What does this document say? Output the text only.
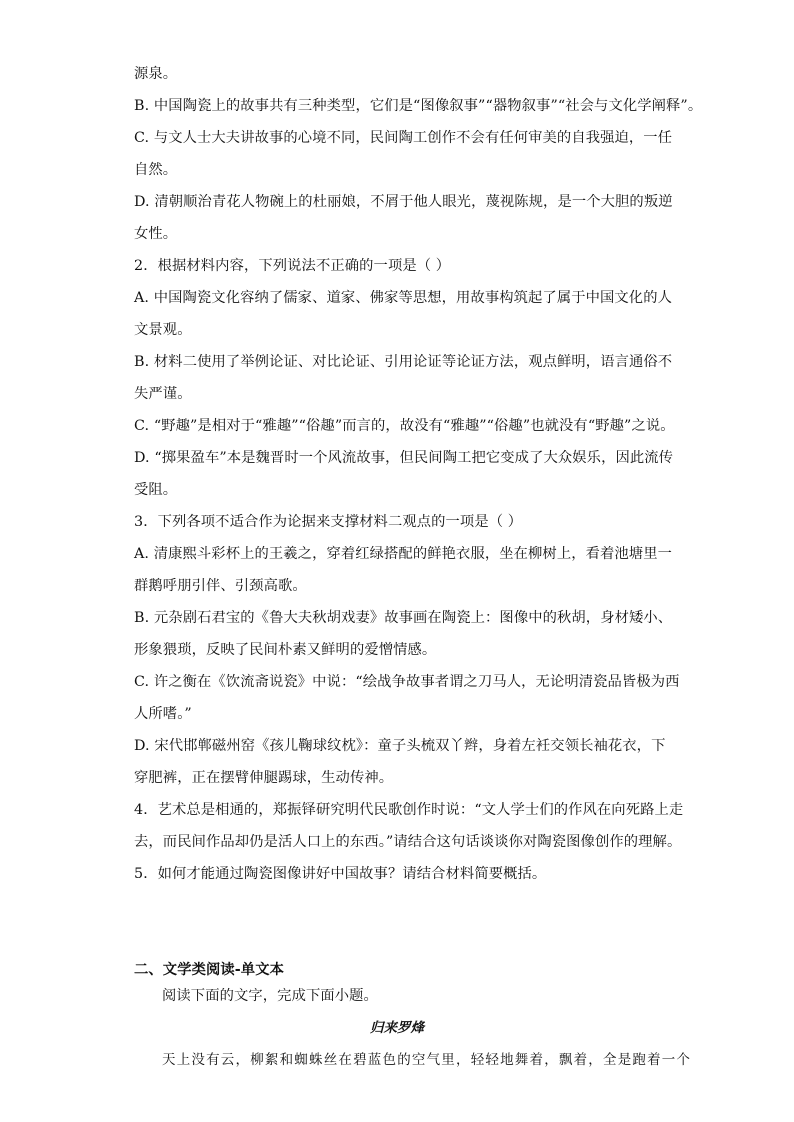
源泉。
B. 中国陶瓷上的故事共有三种类型，它们是“图像叙事”“器物叙事”“社会与文化学阐释”。
C. 与文人士大夫讲故事的心境不同，民间陶工创作不会有任何审美的自我强迫，一任
自然。
D. 清朝顺治青花人物碗上的杜丽娘，不屑于他人眼光，蔑视陈规，是一个大胆的叛逆
女性。
2．根据材料内容，下列说法不正确的一项是（ ）
A. 中国陶瓷文化容纳了儒家、道家、佛家等思想，用故事构筑起了属于中国文化的人
文景观。
B. 材料二使用了举例论证、对比论证、引用论证等论证方法，观点鲜明，语言通俗不
失严谨。
C. “野趣”是相对于“雅趣”“俗趣”而言的，故没有“雅趣”“俗趣”也就没有“野趣”之说。
D. “掷果盈车”本是魏晋时一个风流故事，但民间陶工把它变成了大众娱乐，因此流传
受阻。
3．下列各项不适合作为论据来支撑材料二观点的一项是（ ）
A. 清康熙斗彩杯上的王羲之，穿着红绿搭配的鲜艳衣服，坐在柳树上，看着池塘里一
群鹅呼朋引伴、引颈高歌。
B. 元杂剧石君宝的《鲁大夫秋胡戏妻》故事画在陶瓷上：图像中的秋胡，身材矮小、
形象猥琐，反映了民间朴素又鲜明的爱憎情感。
C. 许之衡在《饮流斋说瓷》中说：“绘战争故事者谓之刀马人，无论明清瓷品皆极为西
人所嗜。”
D. 宋代邯郸磁州窑《孩儿鞠球纹枕》：童子头梳双丫辫，身着左衽交领长袖花衣，下
穿肥裤，正在摆臂伸腿踢球，生动传神。
4．艺术总是相通的，郑振铎研究明代民歌创作时说：“文人学士们的作风在向死路上走
去，而民间作品却仍是活人口上的东西。”请结合这句话谈谈你对陶瓷图像创作的理解。
5．如何才能通过陶瓷图像讲好中国故事？请结合材料简要概括。
二、文学类阅读-单文本
阅读下面的文字，完成下面小题。
归来罗烽
天上没有云，柳絮和蜘蛛丝在碧蓝色的空气里，轻轻地舞着，飘着，全是跑着一个
